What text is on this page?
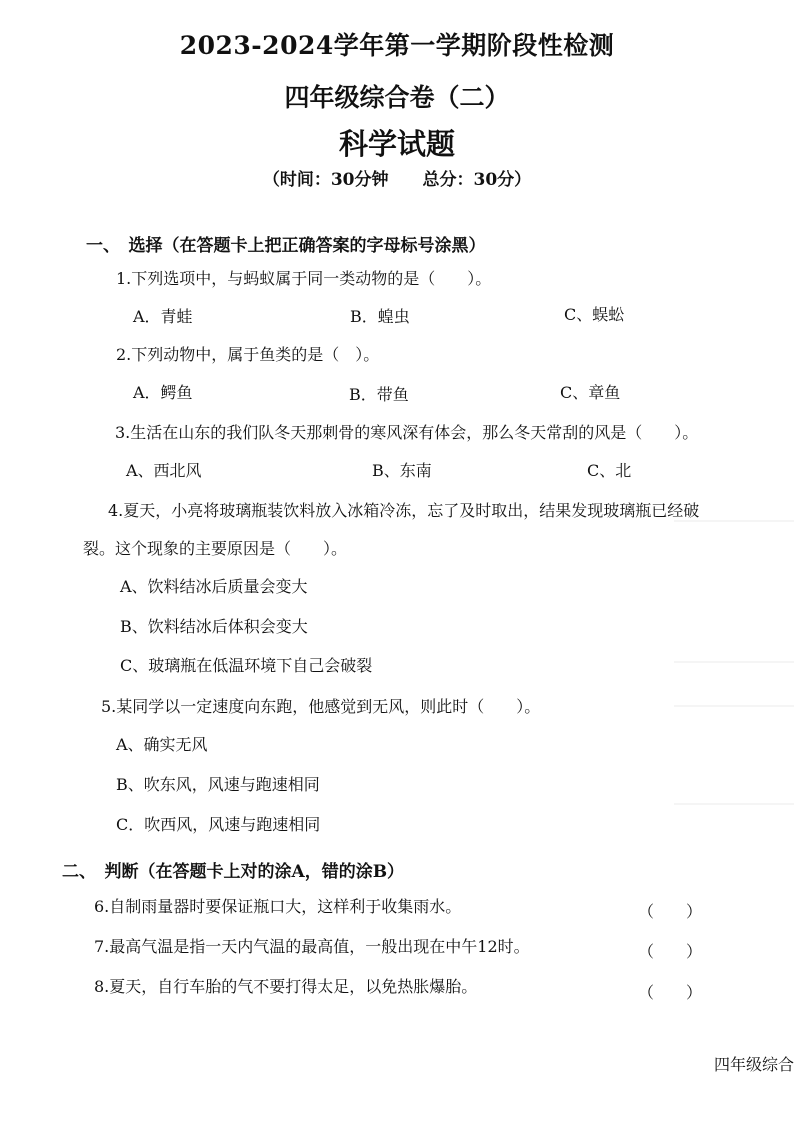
2023-2024学年第一学期阶段性检测
四年级综合卷（二）
科学试题
（时间：30分钟　　总分：30分）
一、　选择（在答题卡上把正确答案的字母标号涂黑）
1.下列选项中，与蚂蚁属于同一类动物的是（　　）。
A．青蛙	B．蝗虫	C、蜈蚣
2.下列动物中，属于鱼类的是（　）。
A．鳄鱼	B．带鱼	C、章鱼
3.生活在山东的我们队冬天那刺骨的寒风深有体会，那么冬天常刮的风是（　　）。
A、西北风	B、东南	C、北
4.夏天，小亮将玻璃瓶装饮料放入冰箱冷冻，忘了及时取出，结果发现玻璃瓶已经破
裂。这个现象的主要原因是（　　）。
A、饮料结冰后质量会变大
B、饮料结冰后体积会变大
C、玻璃瓶在低温环境下自己会破裂
5.某同学以一定速度向东跑，他感觉到无风，则此时（　　）。
A、确实无风
B、吹东风，风速与跑速相同
C．吹西风，风速与跑速相同
二、　判断（在答题卡上对的涂A，错的涂B）
6.自制雨量器时要保证瓶口大，这样利于收集雨水。	（　　）
7.最高气温是指一天内气温的最高值，一般出现在中午12时。	（　　）
8.夏天，自行车胎的气不要打得太足，以免热胀爆胎。	（　　）
四年级综合
